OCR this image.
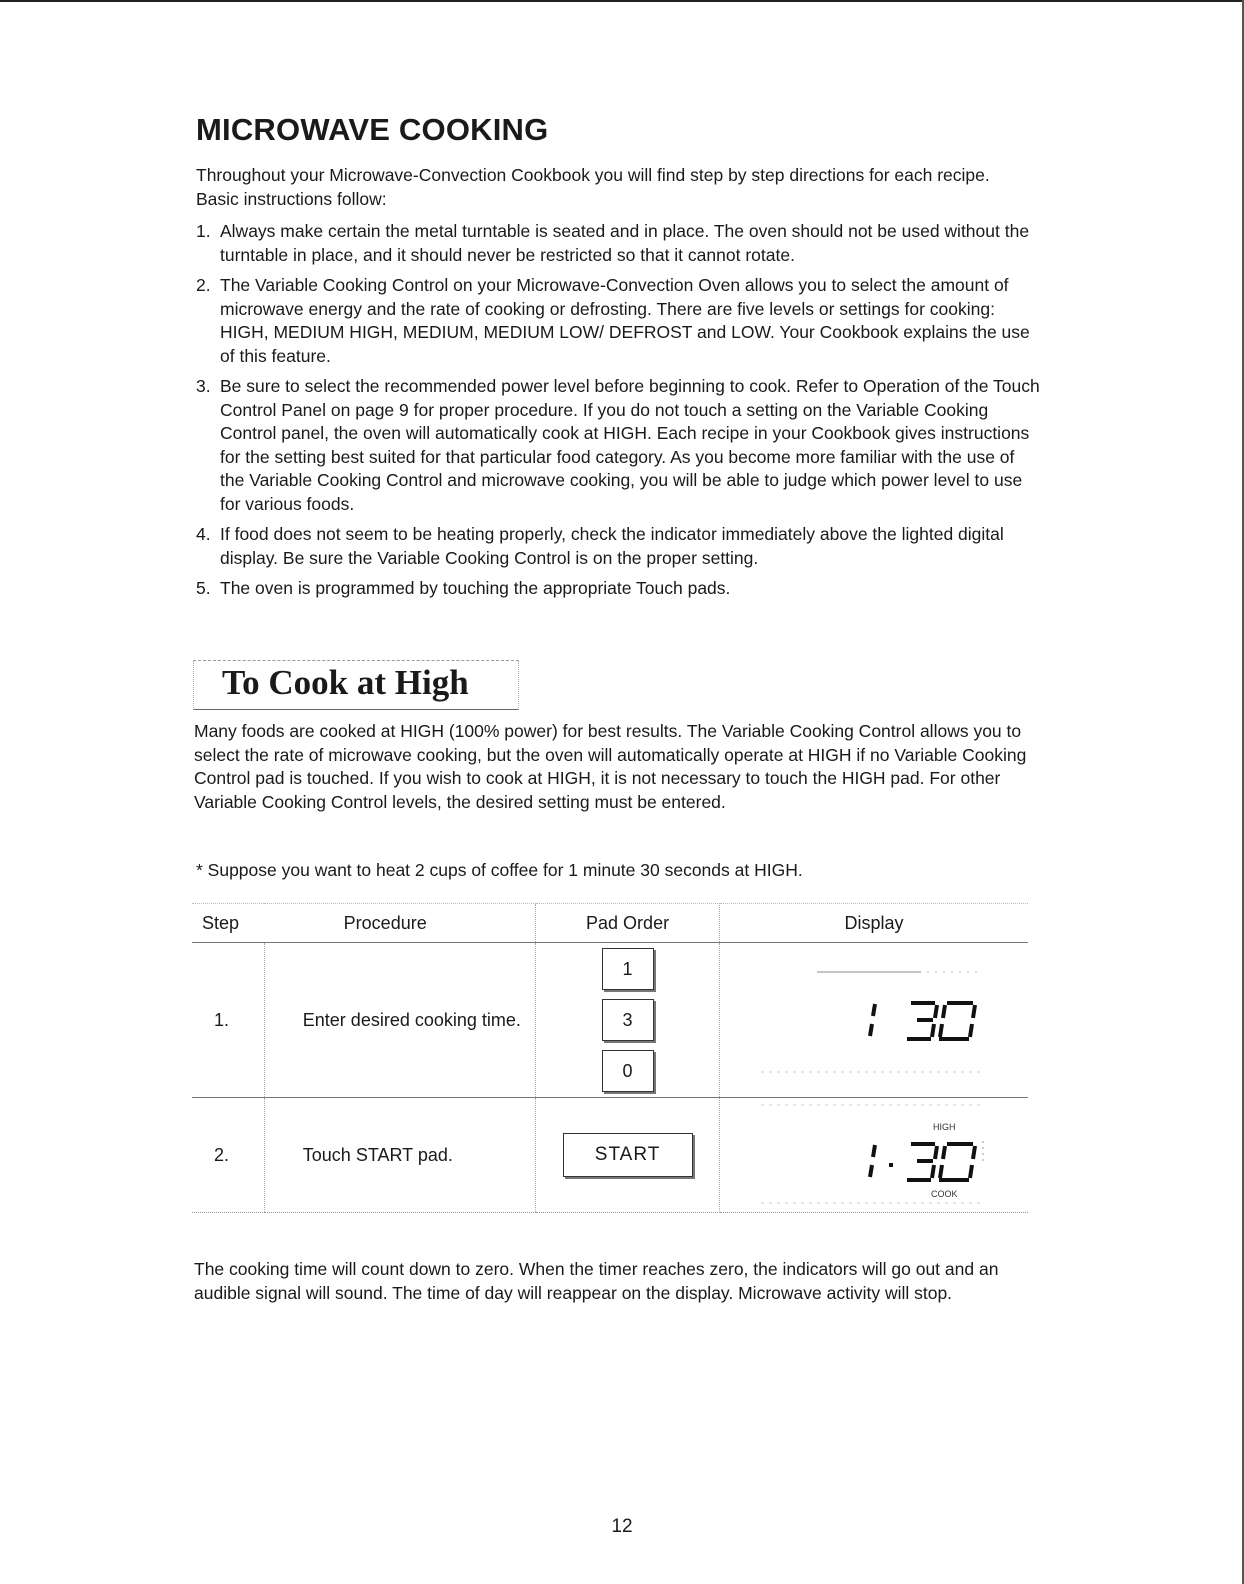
MICROWAVE COOKING

Throughout your Microwave-Convection Cookbook you will find step by step directions for each recipe. Basic instructions follow:

1. Always make certain the metal turntable is seated and in place. The oven should not be used without the turntable in place, and it should never be restricted so that it cannot rotate.
2. The Variable Cooking Control on your Microwave-Convection Oven allows you to select the amount of microwave energy and the rate of cooking or defrosting. There are five levels or settings for cooking: HIGH, MEDIUM HIGH, MEDIUM, MEDIUM LOW/ DEFROST and LOW. Your Cookbook explains the use of this feature.
3. Be sure to select the recommended power level before beginning to cook. Refer to Operation of the Touch Control Panel on page 9 for proper procedure. If you do not touch a setting on the Variable Cooking Control panel, the oven will automatically cook at HIGH. Each recipe in your Cookbook gives instructions for the setting best suited for that particular food category. As you become more familiar with the use of the Variable Cooking Control and microwave cooking, you will be able to judge which power level to use for various foods.
4. If food does not seem to be heating properly, check the indicator immediately above the lighted digital display. Be sure the Variable Cooking Control is on the proper setting.
5. The oven is programmed by touching the appropriate Touch pads.
To Cook at High

Many foods are cooked at HIGH (100% power) for best results. The Variable Cooking Control allows you to select the rate of microwave cooking, but the oven will automatically operate at HIGH if no Variable Cooking Control pad is touched. If you wish to cook at HIGH, it is not necessary to touch the HIGH pad. For other Variable Cooking Control levels, the desired setting must be entered.

* Suppose you want to heat 2 cups of coffee for 1 minute 30 seconds at HIGH.

Step	Procedure	Pad Order	Display
1.	Enter desired cooking time.	1
3
0

2.	Touch START pad.	START	HIGH
COOK

The cooking time will count down to zero. When the timer reaches zero, the indicators will go out and an audible signal will sound. The time of day will reappear on the display. Microwave activity will stop.

12
